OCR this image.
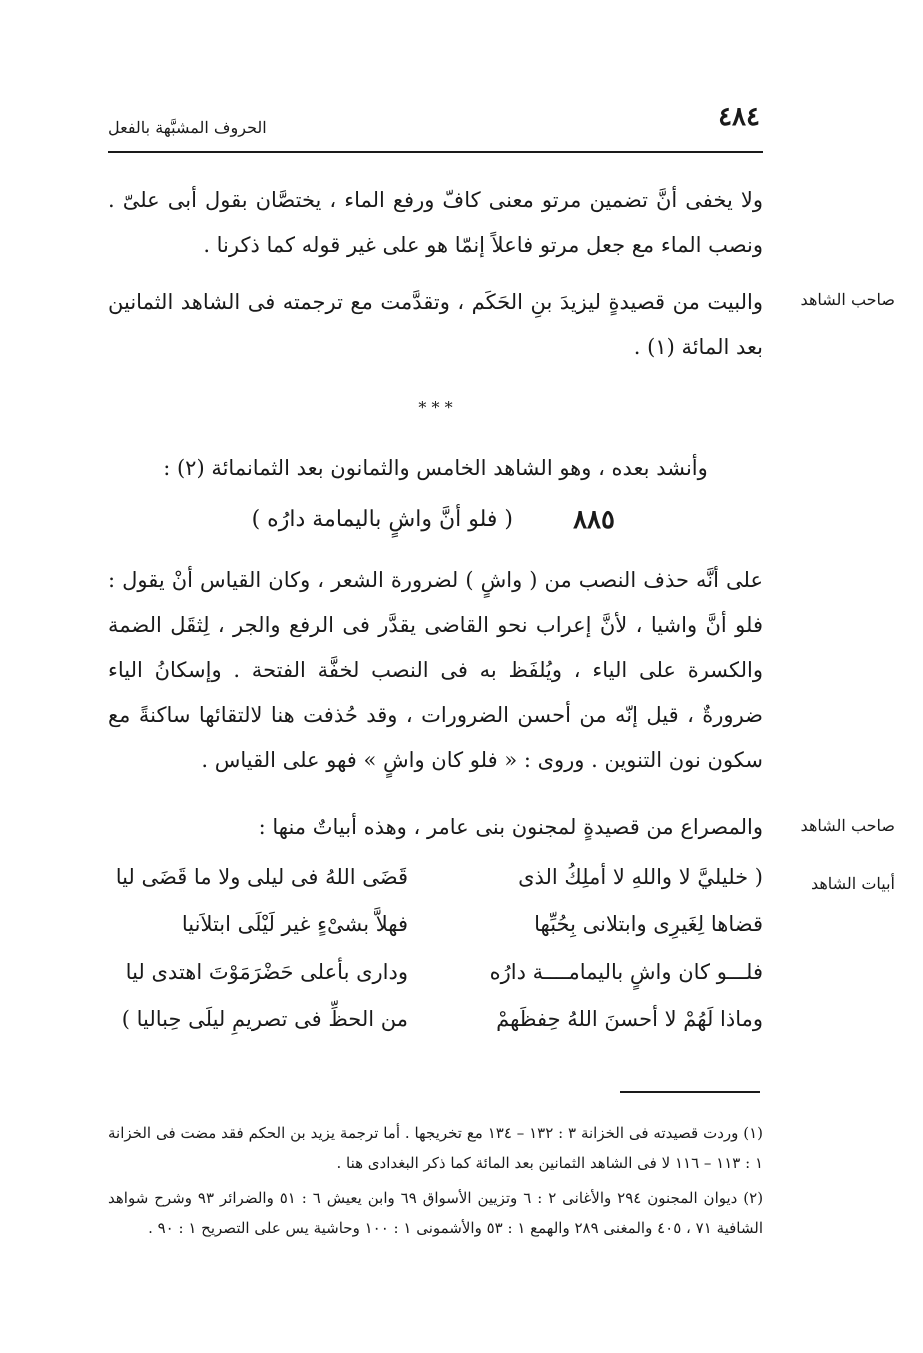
٤٨٤
الحروف المشبَّهة بالفعل
ولا يخفى أنَّ تضمين مرتو معنى كافّ ورفع الماء ، يختصَّان بقول أبى علىّ . ونصب الماء مع جعل مرتو فاعلاً إنمّا هو على غير قوله كما ذكرنا .
صاحب الشاهد
والبيت من قصيدةٍ ليزيدَ بنِ الحَكَم ، وتقدَّمت مع ترجمته فى الشاهد الثمانين بعد المائة (١) .
* * *
وأنشد بعده ، وهو الشاهد الخامس والثمانون بعد الثمانمائة (٢) :
٨٨٥
( فلو أنَّ واشٍ باليمامة دارُه )
على أنَّه حذف النصب من ( واشٍ ) لضرورة الشعر ، وكان القياس أنْ يقول : فلو أنَّ واشيا ، لأنَّ إعراب نحو القاضى يقدَّر فى الرفع والجر ، لِثقَل الضمة والكسرة على الياء ، ويُلفَظ به فى النصب لخفَّة الفتحة . وإسكانُ الياء ضرورةٌ ، قيل إنّه من أحسن الضرورات ، وقد حُذفت هنا لالتقائها ساكنةً مع سكون نون التنوين . وروى : « فلو كان واشٍ » فهو على القياس .
صاحب الشاهد
والمصراع من قصيدةٍ لمجنون بنى عامر ، وهذه أبياتٌ منها :
أبيات الشاهد
( خليليَّ لا واللهِ لا أملِكُ الذى
قَضَى اللهُ فى ليلى ولا ما قَضَى ليا
قضاها لِغَيرِى وابتلانى بِحُبِّها
فهلاَّ بشىْءٍ غير لَيْلَى ابتلاَنيا
فلـــو كان واشٍ باليمامــــة دارُه
ودارى بأعلى حَضْرَمَوْتَ اهتدى ليا
وماذا لَهُمْ لا أحسنَ اللهُ حِفظَهمْ
من الحظِّ فى تصريمِ ليلَى حِباليا )
(١) وردت قصيدته فى الخزانة ٣ : ١٣٢ – ١٣٤ مع تخريجها . أما ترجمة يزيد بن الحكم فقد مضت فى الخزانة ١ : ١١٣ – ١١٦ لا فى الشاهد الثمانين بعد المائة كما ذكر البغدادى هنا .
(٢) ديوان المجنون ٢٩٤ والأغانى ٢ : ٦ وتزيين الأسواق ٦٩ وابن يعيش ٦ : ٥١ والضرائر ٩٣ وشرح شواهد الشافية ٧١ ، ٤٠٥ والمغنى ٢٨٩ والهمع ١ : ٥٣ والأشمونى ١ : ١٠٠ وحاشية يس على التصريح ١ : ٩٠ .
